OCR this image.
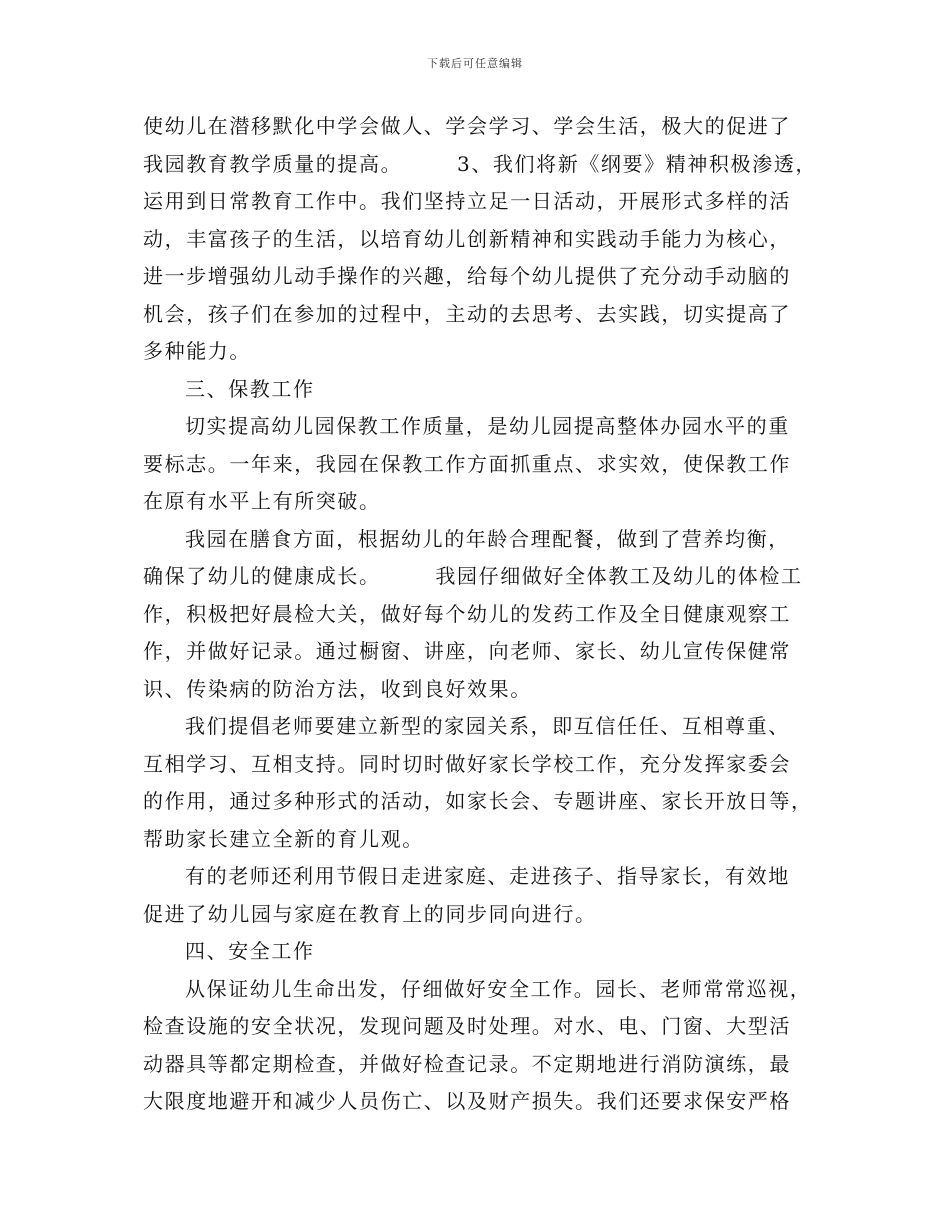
下载后可任意编辑
使幼儿在潜移默化中学会做人、学会学习、学会生活，极大的促进了
我园教育教学质量的提高。　　　3、我们将新《纲要》精神积极渗透，
运用到日常教育工作中。我们坚持立足一日活动，开展形式多样的活
动，丰富孩子的生活，以培育幼儿创新精神和实践动手能力为核心，
进一步增强幼儿动手操作的兴趣，给每个幼儿提供了充分动手动脑的
机会，孩子们在参加的过程中，主动的去思考、去实践，切实提高了
多种能力。
三、保教工作
切实提高幼儿园保教工作质量，是幼儿园提高整体办园水平的重
要标志。一年来，我园在保教工作方面抓重点、求实效，使保教工作
在原有水平上有所突破。
我园在膳食方面，根据幼儿的年龄合理配餐，做到了营养均衡，
确保了幼儿的健康成长。　　　我园仔细做好全体教工及幼儿的体检工
作，积极把好晨检大关，做好每个幼儿的发药工作及全日健康观察工
作，并做好记录。通过橱窗、讲座，向老师、家长、幼儿宣传保健常
识、传染病的防治方法，收到良好效果。
我们提倡老师要建立新型的家园关系，即互信任任、互相尊重、
互相学习、互相支持。同时切时做好家长学校工作，充分发挥家委会
的作用，通过多种形式的活动，如家长会、专题讲座、家长开放日等，
帮助家长建立全新的育儿观。
有的老师还利用节假日走进家庭、走进孩子、指导家长，有效地
促进了幼儿园与家庭在教育上的同步同向进行。
四、安全工作
从保证幼儿生命出发，仔细做好安全工作。园长、老师常常巡视，
检查设施的安全状况，发现问题及时处理。对水、电、门窗、大型活
动器具等都定期检查，并做好检查记录。不定期地进行消防演练，最
大限度地避开和减少人员伤亡、以及财产损失。我们还要求保安严格
